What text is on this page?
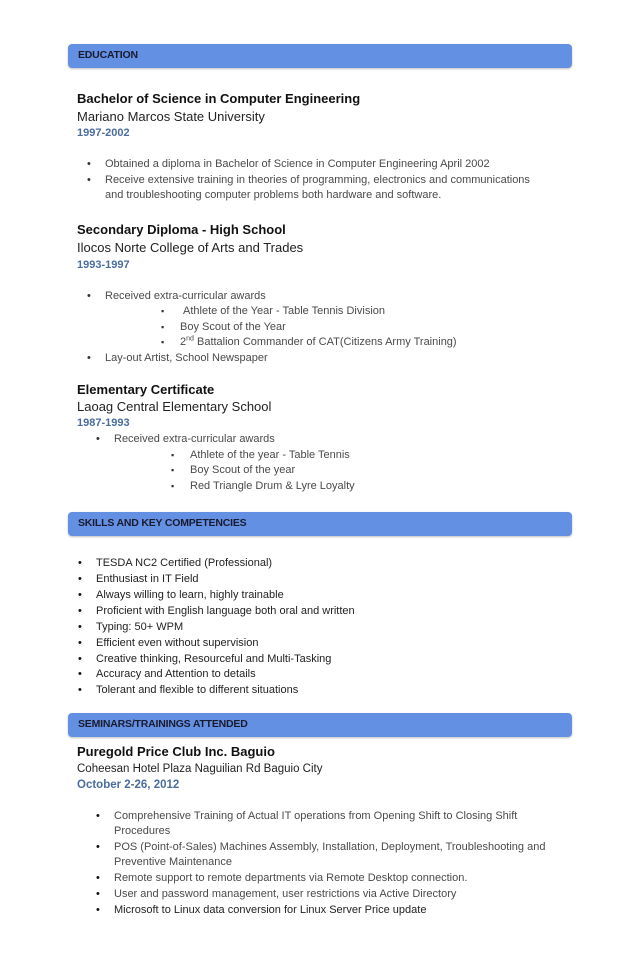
EDUCATION
Bachelor of Science in Computer Engineering
Mariano Marcos State University
1997-2002
• Obtained a diploma in Bachelor of Science in Computer Engineering April 2002
• Receive extensive training in theories of programming, electronics and communications
and troubleshooting computer problems both hardware and software.
Secondary Diploma - High School
Ilocos Norte College of Arts and Trades
1993-1997
• Received extra-curricular awards
▪ Athlete of the Year - Table Tennis Division
▪ Boy Scout of the Year
▪ 2nd Battalion Commander of CAT(Citizens Army Training)
• Lay-out Artist, School Newspaper
Elementary Certificate
Laoag Central Elementary School
1987-1993
• Received extra-curricular awards
▪ Athlete of the year - Table Tennis
▪ Boy Scout of the year
▪ Red Triangle Drum & Lyre Loyalty
SKILLS AND KEY COMPETENCIES
• TESDA NC2 Certified (Professional)
• Enthusiast in IT Field
• Always willing to learn, highly trainable
• Proficient with English language both oral and written
• Typing: 50+ WPM
• Efficient even without supervision
• Creative thinking, Resourceful and Multi-Tasking
• Accuracy and Attention to details
• Tolerant and flexible to different situations
SEMINARS/TRAININGS ATTENDED
Puregold Price Club Inc. Baguio
Coheesan Hotel Plaza Naguilian Rd Baguio City
October 2-26, 2012
• Comprehensive Training of Actual IT operations from Opening Shift to Closing Shift
Procedures
• POS (Point-of-Sales) Machines Assembly, Installation, Deployment, Troubleshooting and
Preventive Maintenance
• Remote support to remote departments via Remote Desktop connection.
• User and password management, user restrictions via Active Directory
• Microsoft to Linux data conversion for Linux Server Price update
